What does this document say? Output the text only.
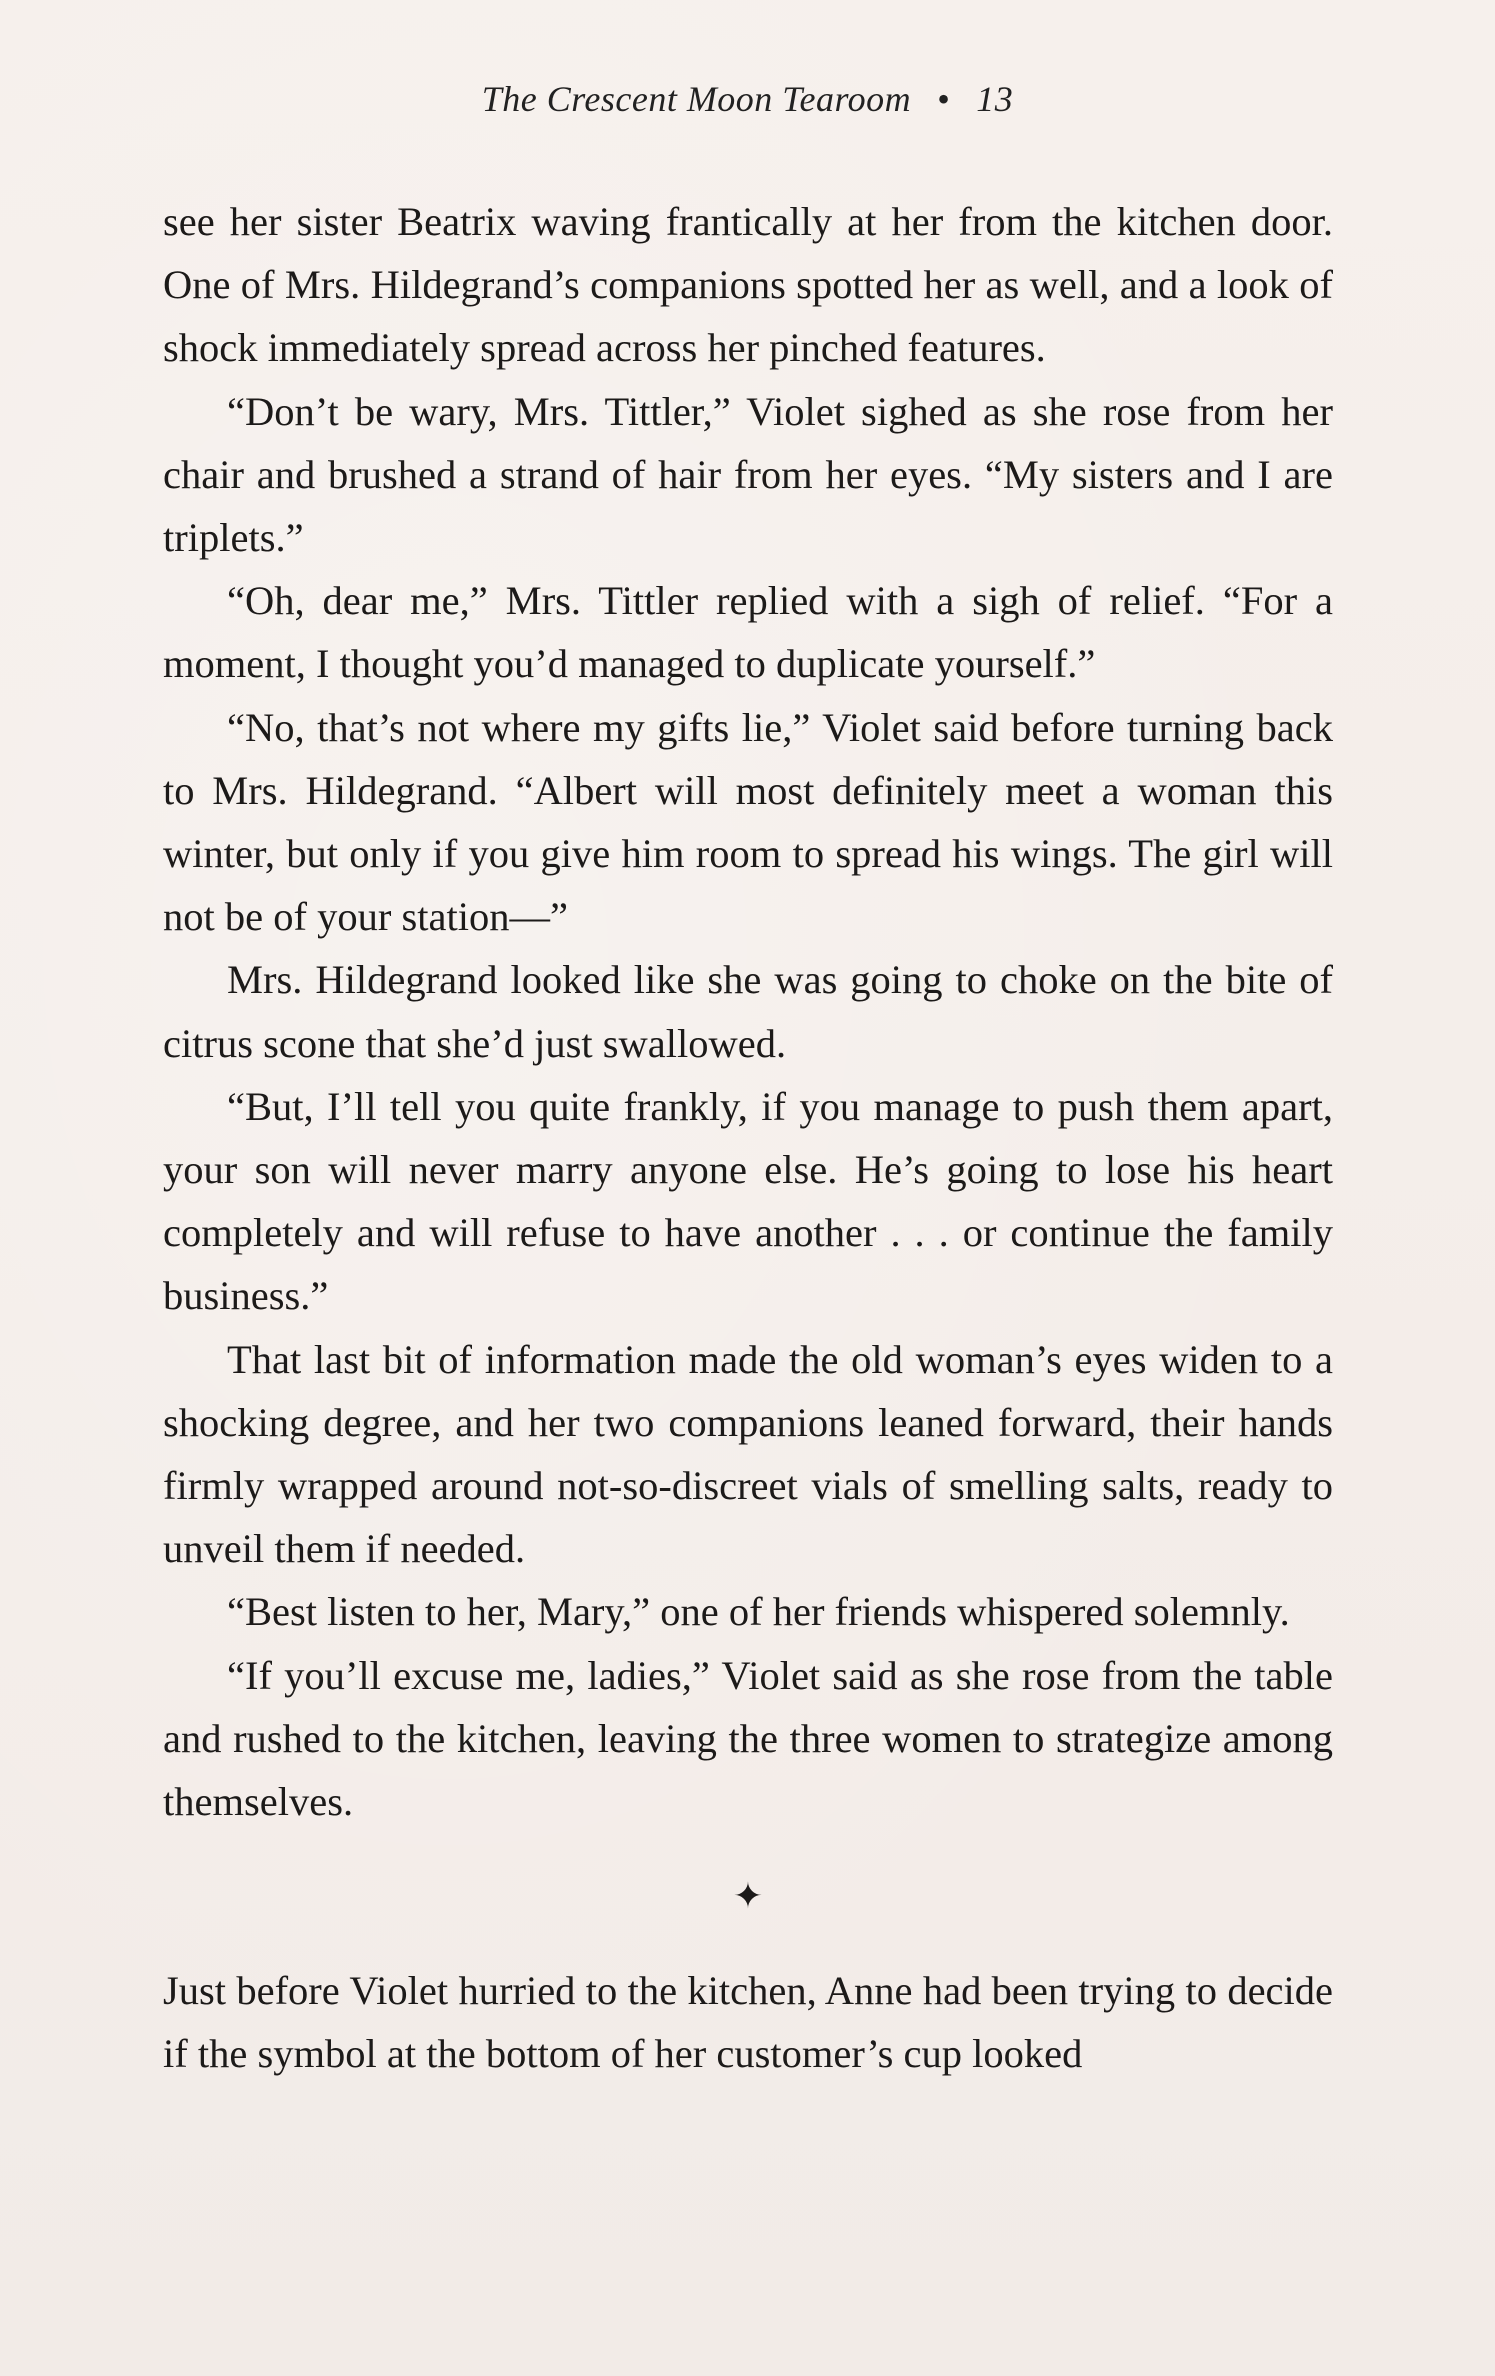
The Crescent Moon Tearoom • 13

see her sister Beatrix waving frantically at her from the kitchen door. One of Mrs. Hildegrand’s companions spotted her as well, and a look of shock immediately spread across her pinched features.

“Don’t be wary, Mrs. Tittler,” Violet sighed as she rose from her chair and brushed a strand of hair from her eyes. “My sisters and I are triplets.”

“Oh, dear me,” Mrs. Tittler replied with a sigh of relief. “For a moment, I thought you’d managed to duplicate yourself.”

“No, that’s not where my gifts lie,” Violet said before turning back to Mrs. Hildegrand. “Albert will most definitely meet a woman this winter, but only if you give him room to spread his wings. The girl will not be of your station—”

Mrs. Hildegrand looked like she was going to choke on the bite of citrus scone that she’d just swallowed.

“But, I’ll tell you quite frankly, if you manage to push them apart, your son will never marry anyone else. He’s going to lose his heart completely and will refuse to have another . . . or continue the family business.”

That last bit of information made the old woman’s eyes widen to a shocking degree, and her two companions leaned forward, their hands firmly wrapped around not-so-discreet vials of smelling salts, ready to unveil them if needed.

“Best listen to her, Mary,” one of her friends whispered solemnly.

“If you’ll excuse me, ladies,” Violet said as she rose from the table and rushed to the kitchen, leaving the three women to strategize among themselves.

✦

Just before Violet hurried to the kitchen, Anne had been trying to decide if the symbol at the bottom of her customer’s cup looked
